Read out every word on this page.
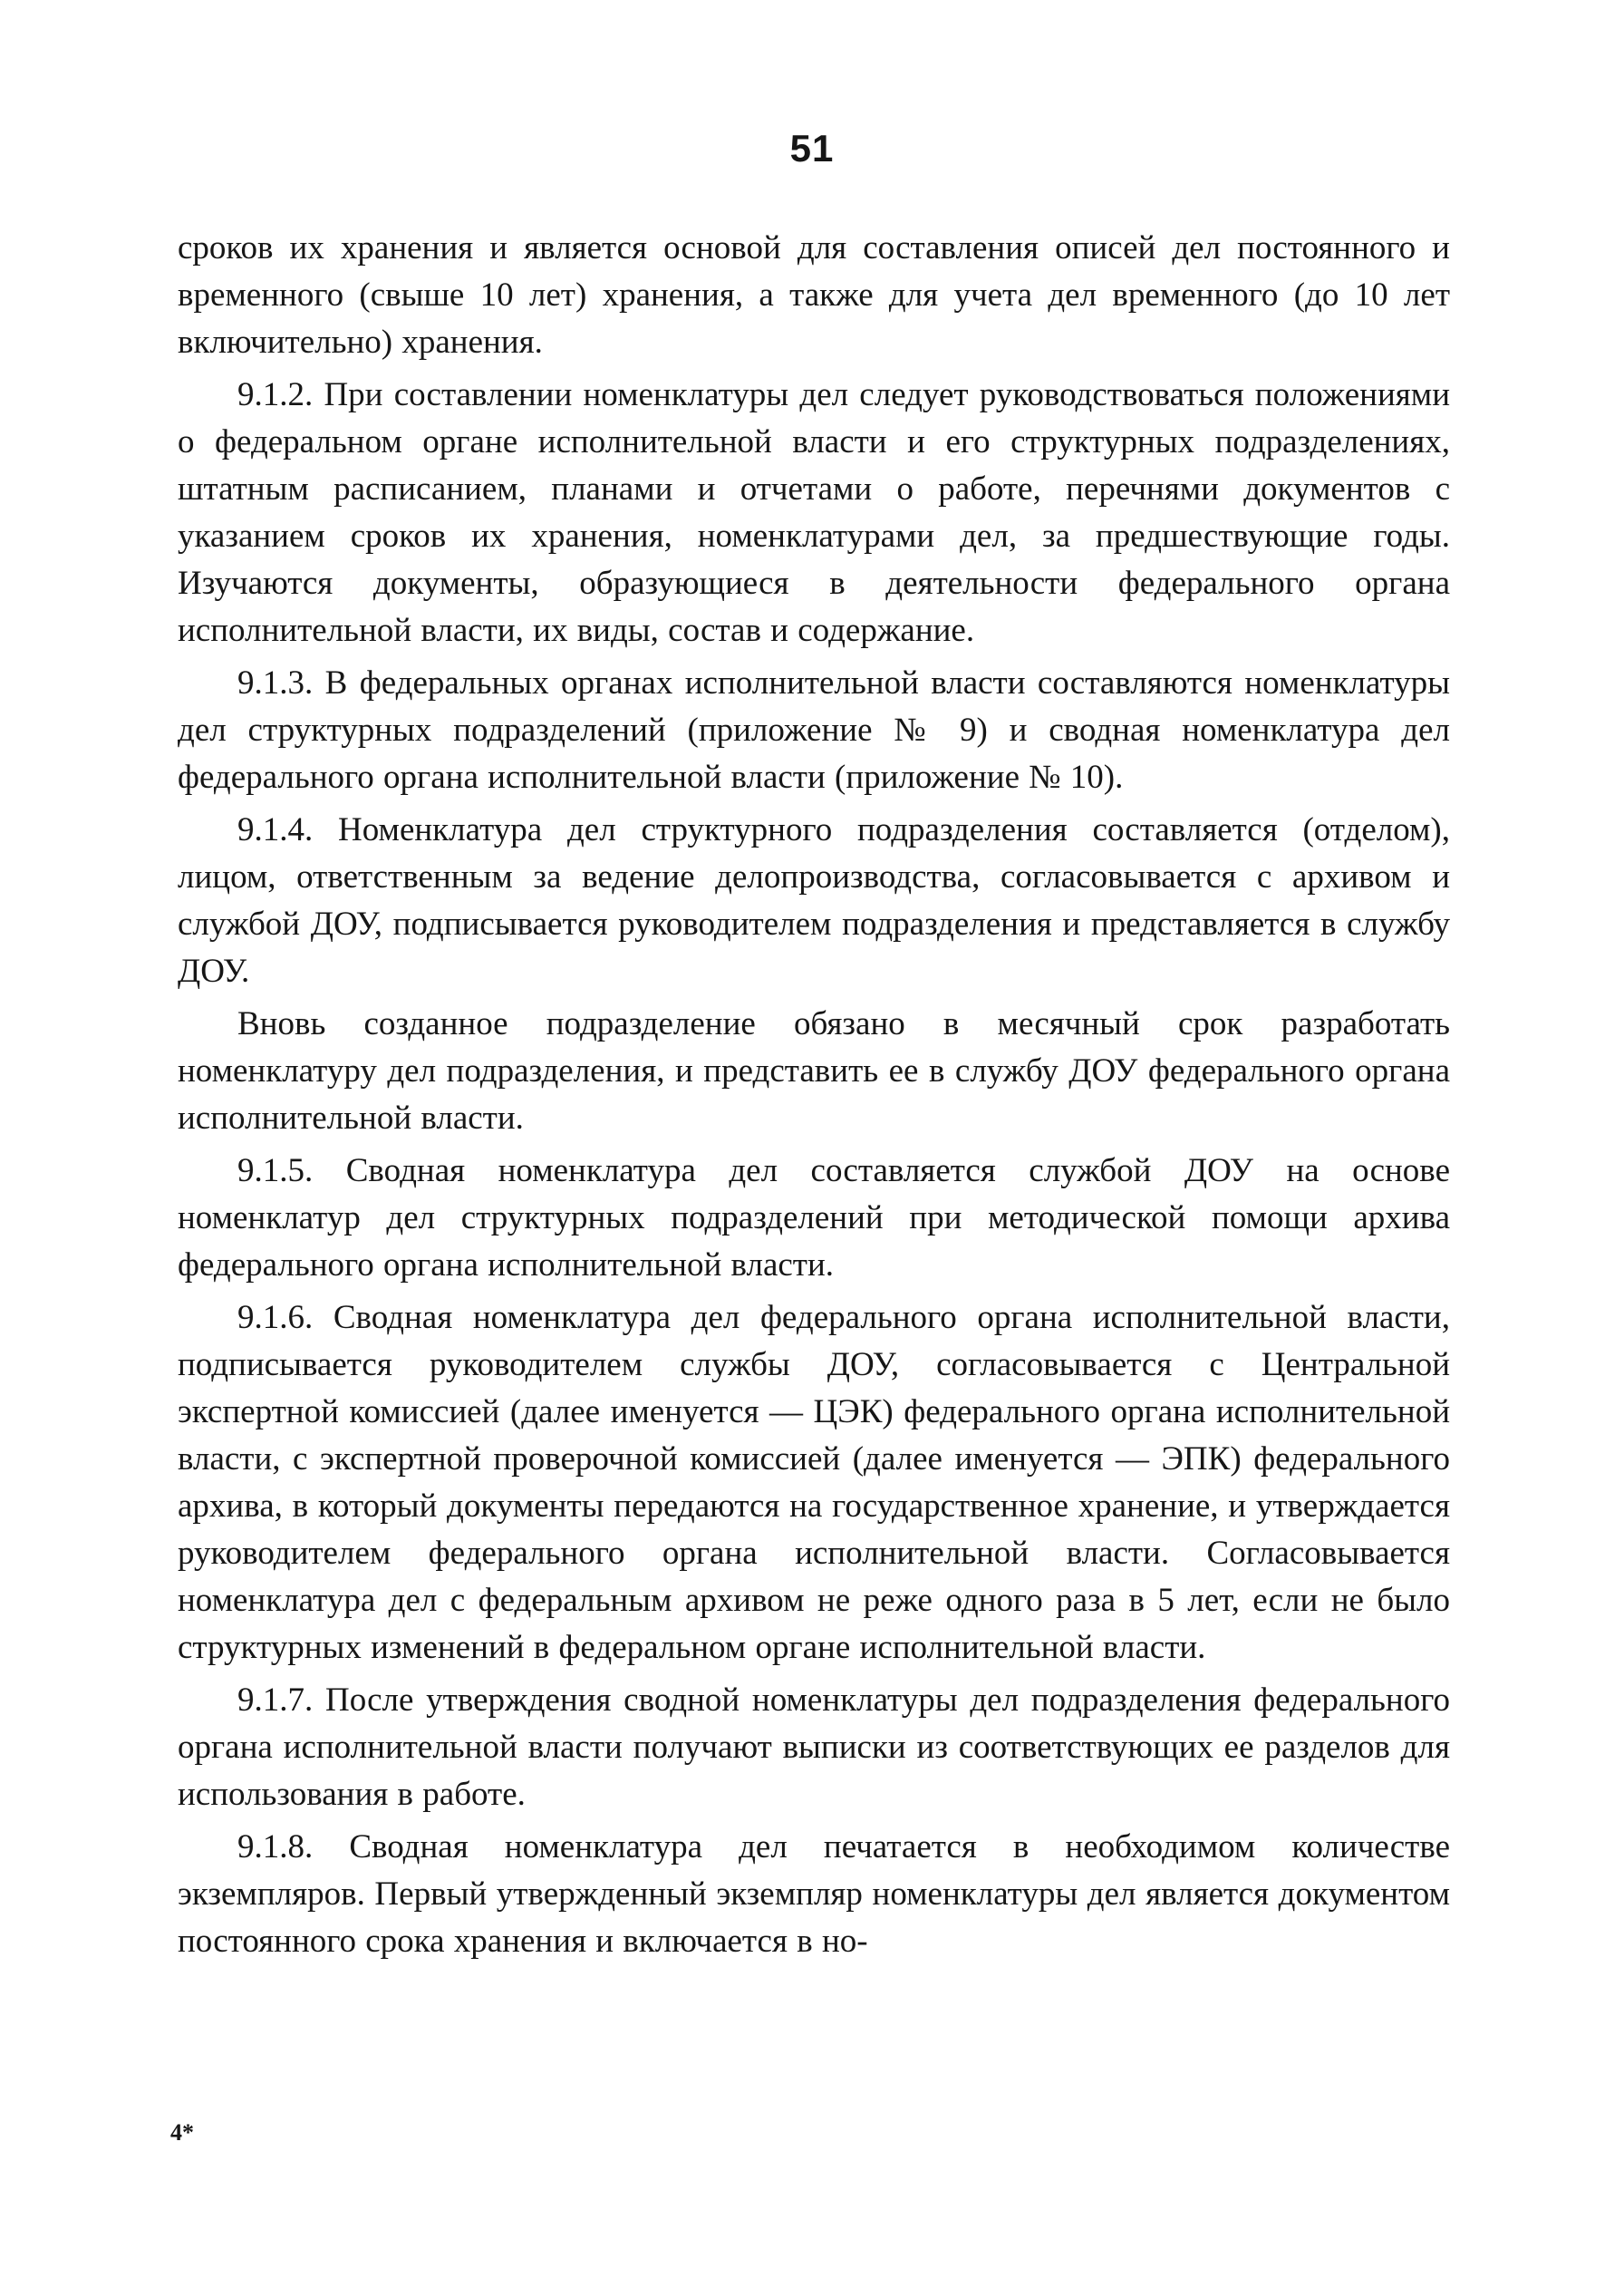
51

сроков их хранения и является основой для составления описей дел постоянного и временного (свыше 10 лет) хранения, а также для учета дел временного (до 10 лет включительно) хранения.

9.1.2. При составлении номенклатуры дел следует руководствоваться положениями о федеральном органе исполнительной власти и его структурных подразделениях, штатным расписанием, планами и отчетами о работе, перечнями документов с указанием сроков их хранения, номенклатурами дел, за предшествующие годы. Изучаются документы, образующиеся в деятельности федерального органа исполнительной власти, их виды, состав и содержание.

9.1.3. В федеральных органах исполнительной власти составляются номенклатуры дел структурных подразделений (приложение № 9) и сводная номенклатура дел федерального органа исполнительной власти (приложение № 10).

9.1.4. Номенклатура дел структурного подразделения составляется (отделом), лицом, ответственным за ведение делопроизводства, согласовывается с архивом и службой ДОУ, подписывается руководителем подразделения и представляется в службу ДОУ.

Вновь созданное подразделение обязано в месячный срок разработать номенклатуру дел подразделения, и представить ее в службу ДОУ федерального органа исполнительной власти.

9.1.5. Сводная номенклатура дел составляется службой ДОУ на основе номенклатур дел структурных подразделений при методической помощи архива федерального органа исполнительной власти.

9.1.6. Сводная номенклатура дел федерального органа исполнительной власти, подписывается руководителем службы ДОУ, согласовывается с Центральной экспертной комиссией (далее именуется — ЦЭК) федерального органа исполнительной власти, с экспертной проверочной комиссией (далее именуется — ЭПК) федерального архива, в который документы передаются на государственное хранение, и утверждается руководителем федерального органа исполнительной власти. Согласовывается номенклатура дел с федеральным архивом не реже одного раза в 5 лет, если не было структурных изменений в федеральном органе исполнительной власти.

9.1.7. После утверждения сводной номенклатуры дел подразделения федерального органа исполнительной власти получают выписки из соответствующих ее разделов для использования в работе.

9.1.8. Сводная номенклатура дел печатается в необходимом количестве экземпляров. Первый утвержденный экземпляр номенклатуры дел является документом постоянного срока хранения и включается в но-

4*
